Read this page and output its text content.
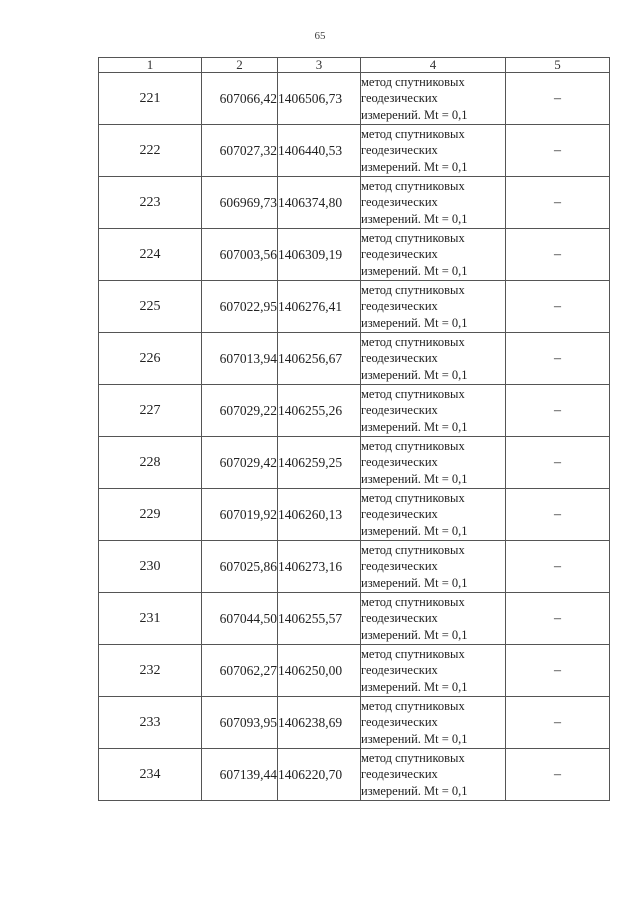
65
1	2	3	4	5
221	607066,42	1406506,73	метод спутниковых
геодезических
измерений. Mt = 0,1	–
222	607027,32	1406440,53	метод спутниковых
геодезических
измерений. Mt = 0,1	–
223	606969,73	1406374,80	метод спутниковых
геодезических
измерений. Mt = 0,1	–
224	607003,56	1406309,19	метод спутниковых
геодезических
измерений. Mt = 0,1	–
225	607022,95	1406276,41	метод спутниковых
геодезических
измерений. Mt = 0,1	–
226	607013,94	1406256,67	метод спутниковых
геодезических
измерений. Mt = 0,1	–
227	607029,22	1406255,26	метод спутниковых
геодезических
измерений. Mt = 0,1	–
228	607029,42	1406259,25	метод спутниковых
геодезических
измерений. Mt = 0,1	–
229	607019,92	1406260,13	метод спутниковых
геодезических
измерений. Mt = 0,1	–
230	607025,86	1406273,16	метод спутниковых
геодезических
измерений. Mt = 0,1	–
231	607044,50	1406255,57	метод спутниковых
геодезических
измерений. Mt = 0,1	–
232	607062,27	1406250,00	метод спутниковых
геодезических
измерений. Mt = 0,1	–
233	607093,95	1406238,69	метод спутниковых
геодезических
измерений. Mt = 0,1	–
234	607139,44	1406220,70	метод спутниковых
геодезических
измерений. Mt = 0,1	–
